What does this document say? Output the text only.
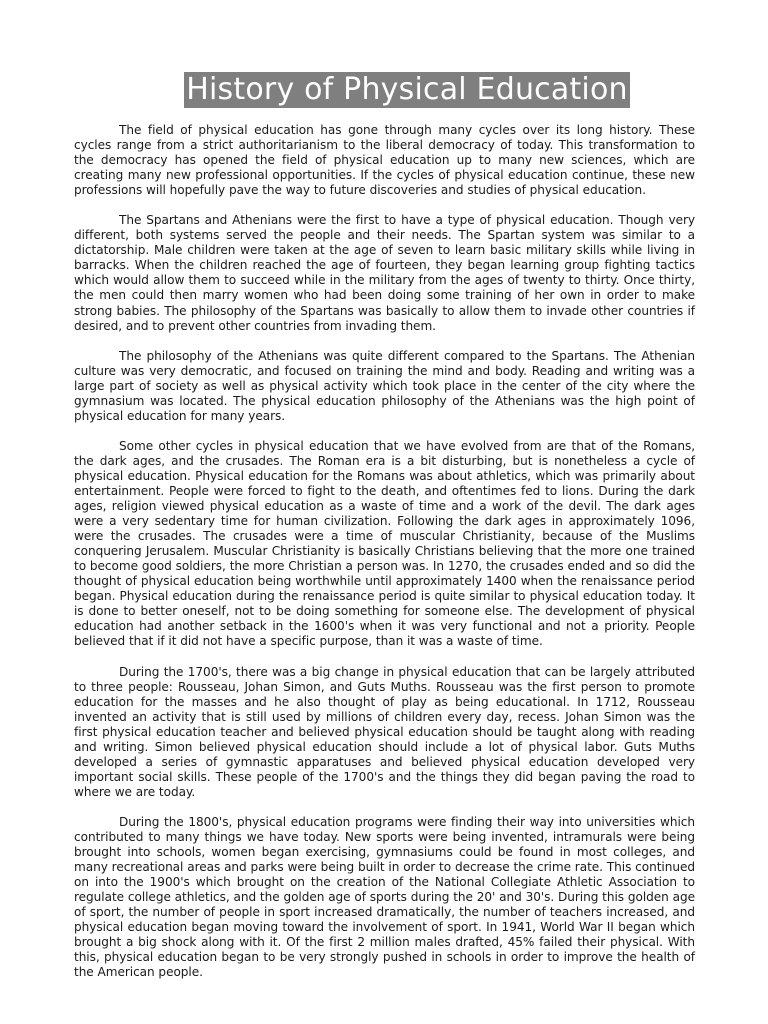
History of Physical Education

The field of physical education has gone through many cycles over its long history. These cycles range from a strict authoritarianism to the liberal democracy of today. This transformation to the democracy has opened the field of physical education up to many new sciences, which are creating many new professional opportunities. If the cycles of physical education continue, these new professions will hopefully pave the way to future discoveries and studies of physical education.

The Spartans and Athenians were the first to have a type of physical education. Though very different, both systems served the people and their needs. The Spartan system was similar to a dictatorship. Male children were taken at the age of seven to learn basic military skills while living in barracks. When the children reached the age of fourteen, they began learning group fighting tactics which would allow them to succeed while in the military from the ages of twenty to thirty. Once thirty, the men could then marry women who had been doing some training of her own in order to make strong babies. The philosophy of the Spartans was basically to allow them to invade other countries if desired, and to prevent other countries from invading them.

The philosophy of the Athenians was quite different compared to the Spartans. The Athenian culture was very democratic, and focused on training the mind and body. Reading and writing was a large part of society as well as physical activity which took place in the center of the city where the gymnasium was located. The physical education philosophy of the Athenians was the high point of physical education for many years.

Some other cycles in physical education that we have evolved from are that of the Romans, the dark ages, and the crusades. The Roman era is a bit disturbing, but is nonetheless a cycle of physical education. Physical education for the Romans was about athletics, which was primarily about entertainment. People were forced to fight to the death, and oftentimes fed to lions. During the dark ages, religion viewed physical education as a waste of time and a work of the devil. The dark ages were a very sedentary time for human civilization. Following the dark ages in approximately 1096, were the crusades. The crusades were a time of muscular Christianity, because of the Muslims conquering Jerusalem. Muscular Christianity is basically Christians believing that the more one trained to become good soldiers, the more Christian a person was. In 1270, the crusades ended and so did the thought of physical education being worthwhile until approximately 1400 when the renaissance period began. Physical education during the renaissance period is quite similar to physical education today. It is done to better oneself, not to be doing something for someone else. The development of physical education had another setback in the 1600's when it was very functional and not a priority. People believed that if it did not have a specific purpose, than it was a waste of time.

During the 1700's, there was a big change in physical education that can be largely attributed to three people: Rousseau, Johan Simon, and Guts Muths. Rousseau was the first person to promote education for the masses and he also thought of play as being educational. In 1712, Rousseau invented an activity that is still used by millions of children every day, recess. Johan Simon was the first physical education teacher and believed physical education should be taught along with reading and writing. Simon believed physical education should include a lot of physical labor. Guts Muths developed a series of gymnastic apparatuses and believed physical education developed very important social skills. These people of the 1700's and the things they did began paving the road to where we are today.

During the 1800's, physical education programs were finding their way into universities which contributed to many things we have today. New sports were being invented, intramurals were being brought into schools, women began exercising, gymnasiums could be found in most colleges, and many recreational areas and parks were being built in order to decrease the crime rate. This continued on into the 1900's which brought on the creation of the National Collegiate Athletic Association to regulate college athletics, and the golden age of sports during the 20' and 30's. During this golden age of sport, the number of people in sport increased dramatically, the number of teachers increased, and physical education began moving toward the involvement of sport. In 1941, World War II began which brought a big shock along with it. Of the first 2 million males drafted, 45% failed their physical. With this, physical education began to be very strongly pushed in schools in order to improve the health of the American people.
